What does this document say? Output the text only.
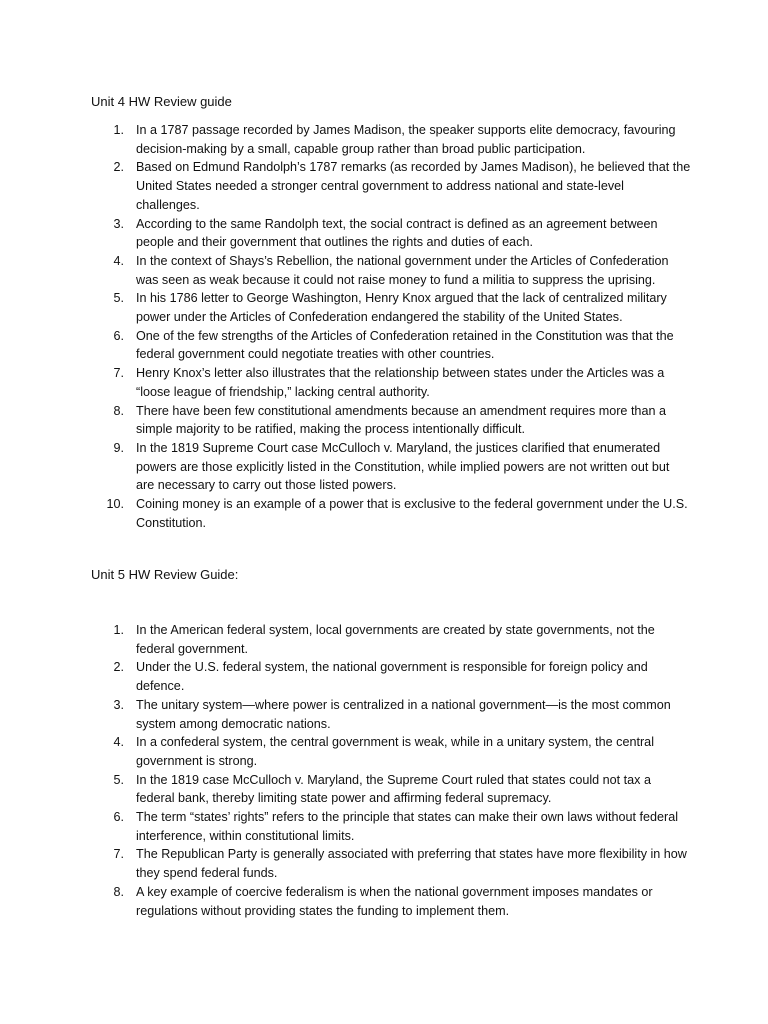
Unit 4 HW Review guide
1. In a 1787 passage recorded by James Madison, the speaker supports elite democracy, favouring decision-making by a small, capable group rather than broad public participation.
2. Based on Edmund Randolph’s 1787 remarks (as recorded by James Madison), he believed that the United States needed a stronger central government to address national and state-level challenges.
3. According to the same Randolph text, the social contract is defined as an agreement between people and their government that outlines the rights and duties of each.
4. In the context of Shays’s Rebellion, the national government under the Articles of Confederation was seen as weak because it could not raise money to fund a militia to suppress the uprising.
5. In his 1786 letter to George Washington, Henry Knox argued that the lack of centralized military power under the Articles of Confederation endangered the stability of the United States.
6. One of the few strengths of the Articles of Confederation retained in the Constitution was that the federal government could negotiate treaties with other countries.
7. Henry Knox’s letter also illustrates that the relationship between states under the Articles was a “loose league of friendship,” lacking central authority.
8. There have been few constitutional amendments because an amendment requires more than a simple majority to be ratified, making the process intentionally difficult.
9. In the 1819 Supreme Court case McCulloch v. Maryland, the justices clarified that enumerated powers are those explicitly listed in the Constitution, while implied powers are not written out but are necessary to carry out those listed powers.
10. Coining money is an example of a power that is exclusive to the federal government under the U.S. Constitution.
Unit 5 HW Review Guide:
1. In the American federal system, local governments are created by state governments, not the federal government.
2. Under the U.S. federal system, the national government is responsible for foreign policy and defence.
3. The unitary system—where power is centralized in a national government—is the most common system among democratic nations.
4. In a confederal system, the central government is weak, while in a unitary system, the central government is strong.
5. In the 1819 case McCulloch v. Maryland, the Supreme Court ruled that states could not tax a federal bank, thereby limiting state power and affirming federal supremacy.
6. The term “states’ rights” refers to the principle that states can make their own laws without federal interference, within constitutional limits.
7. The Republican Party is generally associated with preferring that states have more flexibility in how they spend federal funds.
8. A key example of coercive federalism is when the national government imposes mandates or regulations without providing states the funding to implement them.
